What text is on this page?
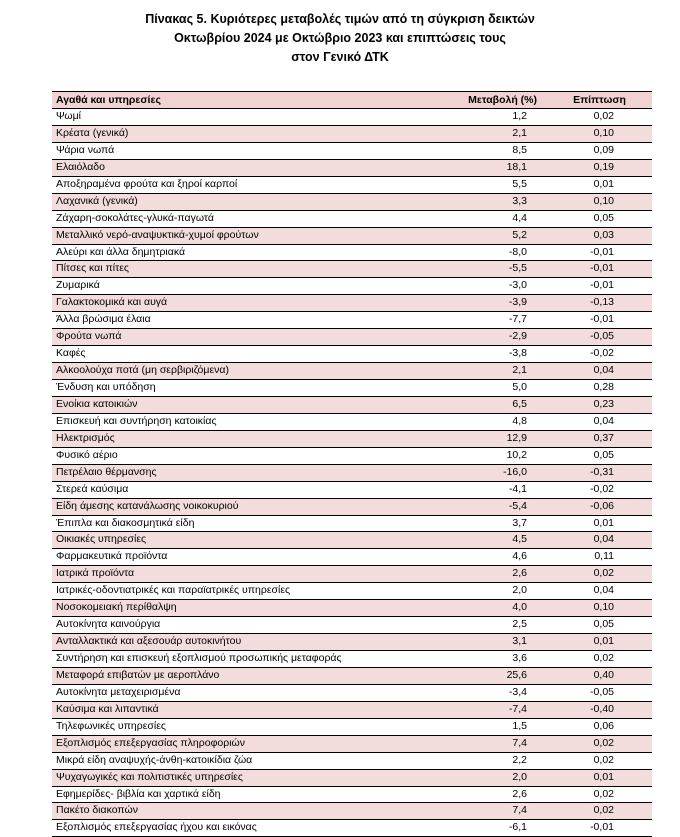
Πίνακας 5. Κυριότερες μεταβολές τιμών από τη σύγκριση δεικτών
Οκτωβρίου 2024 με Οκτώβριο 2023 και επιπτώσεις τους
στον Γενικό ΔΤΚ
Αγαθά και υπηρεσίες	Μεταβολή (%)	Επίπτωση
Ψωμί	1,2	0,02
Κρέατα (γενικά)	2,1	0,10
Ψάρια νωπά	8,5	0,09
Ελαιόλαδο	18,1	0,19
Αποξηραμένα φρούτα και ξηροί καρποί	5,5	0,01
Λαχανικά (γενικά)	3,3	0,10
Ζάχαρη-σοκολάτες-γλυκά-παγωτά	4,4	0,05
Μεταλλικό νερό-αναψυκτικά-χυμοί φρούτων	5,2	0,03
Αλεύρι και άλλα δημητριακά	-8,0	-0,01
Πίτσες και πίτες	-5,5	-0,01
Ζυμαρικά	-3,0	-0,01
Γαλακτοκομικά και αυγά	-3,9	-0,13
Άλλα βρώσιμα έλαια	-7,7	-0,01
Φρούτα νωπά	-2,9	-0,05
Καφές	-3,8	-0,02
Αλκοολούχα ποτά (μη σερβιριζόμενα)	2,1	0,04
Ένδυση και υπόδηση	5,0	0,28
Ενοίκια κατοικιών	6,5	0,23
Επισκευή και συντήρηση κατοικίας	4,8	0,04
Ηλεκτρισμός	12,9	0,37
Φυσικό αέριο	10,2	0,05
Πετρέλαιο θέρμανσης	-16,0	-0,31
Στερεά καύσιμα	-4,1	-0,02
Είδη άμεσης κατανάλωσης νοικοκυριού	-5,4	-0,06
Έπιπλα και διακοσμητικά είδη	3,7	0,01
Οικιακές υπηρεσίες	4,5	0,04
Φαρμακευτικά προϊόντα	4,6	0,11
Ιατρικά προϊόντα	2,6	0,02
Ιατρικές-οδοντιατρικές και παραϊατρικές υπηρεσίες	2,0	0,04
Νοσοκομειακή περίθαλψη	4,0	0,10
Αυτοκίνητα καινούργια	2,5	0,05
Ανταλλακτικά και αξεσουάρ αυτοκινήτου	3,1	0,01
Συντήρηση και επισκευή εξοπλισμού προσωπικής μεταφοράς	3,6	0,02
Μεταφορά επιβατών με αεροπλάνο	25,6	0,40
Αυτοκίνητα μεταχειρισμένα	-3,4	-0,05
Καύσιμα και λιπαντικά	-7,4	-0,40
Τηλεφωνικές υπηρεσίες	1,5	0,06
Εξοπλισμός επεξεργασίας πληροφοριών	7,4	0,02
Μικρά είδη αναψυχής-άνθη-κατοικίδια ζώα	2,2	0,02
Ψυχαγωγικές και πολιτιστικές υπηρεσίες	2,0	0,01
Εφημερίδες- βιβλία και χαρτικά είδη	2,6	0,02
Πακέτο διακοπών	7,4	0,02
Εξοπλισμός επεξεργασίας ήχου και εικόνας	-6,1	-0,01
